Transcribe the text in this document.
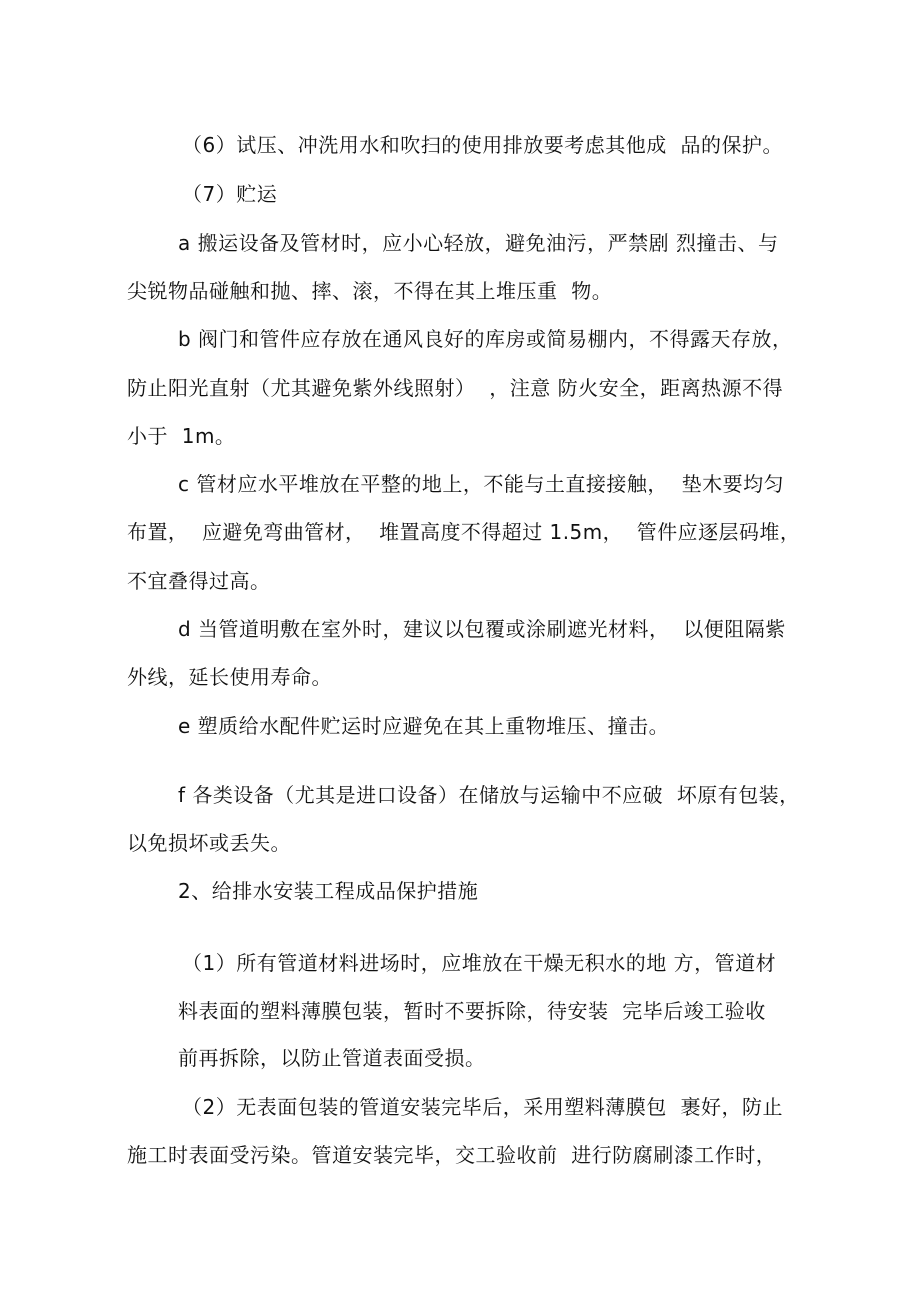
（6）试压、冲洗用水和吹扫的使用排放要考虑其他成  品的保护。
（7）贮运
a 搬运设备及管材时，应小心轻放，避免油污，严禁剧 烈撞击、与
尖锐物品碰触和抛、摔、滚，不得在其上堆压重  物。
b 阀门和管件应存放在通风良好的库房或简易棚内，不得露天存放，
防止阳光直射（尤其避免紫外线照射）  ，注意 防火安全，距离热源不得
小于  1m。
c 管材应水平堆放在平整的地上，不能与土直接接触，  垫木要均匀
布置，  应避免弯曲管材，  堆置高度不得超过 1.5m，  管件应逐层码堆，
不宜叠得过高。
d 当管道明敷在室外时，建议以包覆或涂刷遮光材料，  以便阻隔紫
外线，延长使用寿命。
e 塑质给水配件贮运时应避免在其上重物堆压、撞击。
f 各类设备（尤其是进口设备）在储放与运输中不应破  坏原有包装，
以免损坏或丢失。
2、给排水安装工程成品保护措施
（1）所有管道材料进场时，应堆放在干燥无积水的地 方，管道材
料表面的塑料薄膜包装，暂时不要拆除，待安装  完毕后竣工验收
前再拆除，以防止管道表面受损。
（2）无表面包装的管道安装完毕后，采用塑料薄膜包  裹好，防止
施工时表面受污染。管道安装完毕，交工验收前  进行防腐刷漆工作时，
